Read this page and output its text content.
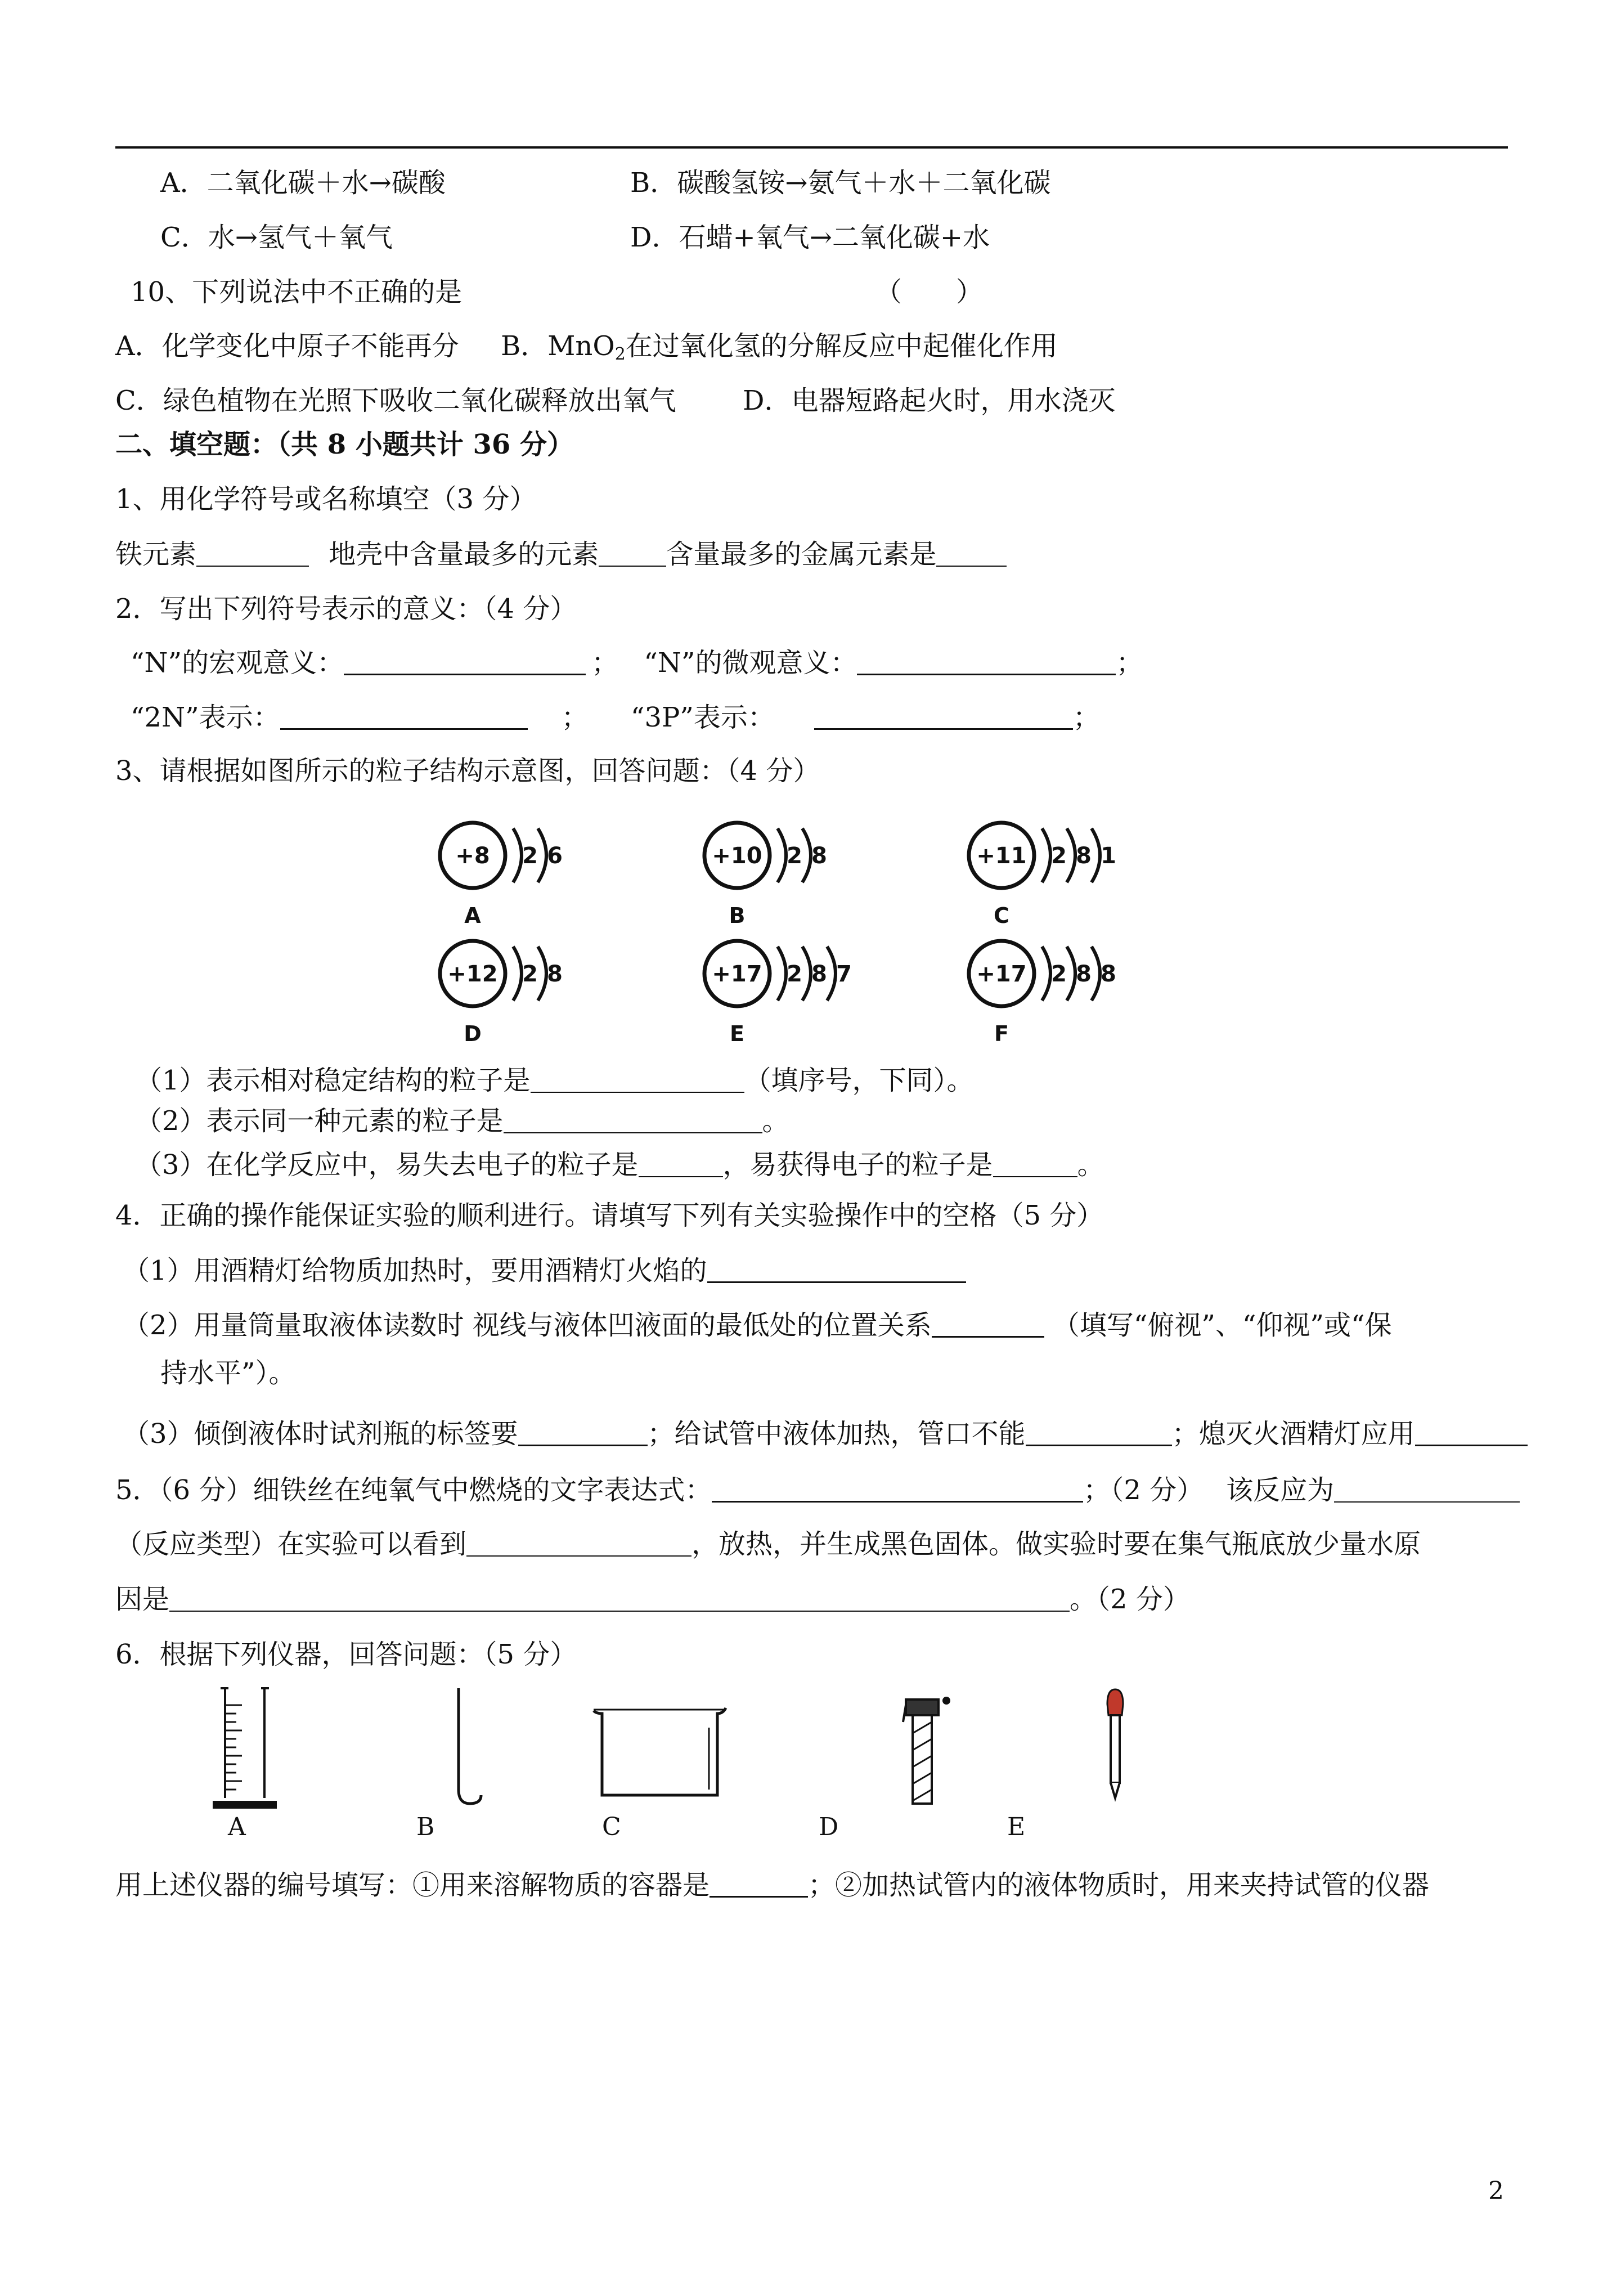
A．二氧化碳＋水→碳酸	B．碳酸氢铵→氨气＋水＋二氧化碳
C．水→氢气＋氧气	D．石蜡+氧气→二氧化碳+水
10、下列说法中不正确的是	（　　）
A．化学变化中原子不能再分 B．MnO$_2$在过氧化氢的分解反应中起催化作用
C．绿色植物在光照下吸收二氧化碳释放出氧气 D．电器短路起火时，用水浇灭
二、填空题：（共 8 小题共计 36 分）
1、用化学符号或名称填空（3 分）
铁元素	地壳中含量最多的元素	含量最多的金属元素是
2．写出下列符号表示的意义：（4 分）
“N”的宏观意义：	； “N”的微观意义：	；
“2N”表示：	； “3P”表示：	；
3、请根据如图所示的粒子结构示意图，回答问题：（4 分）
+8 2 6
A
+10 2 8
B
+11 2 8 1
C
+12 2 8
D
+17 2 8 7
E
+17 2 8 8
F
（1）表示相对稳定结构的粒子是	（填序号，下同）。
（2）表示同一种元素的粒子是	。
（3）在化学反应中，易失去电子的粒子是	，易获得电子的粒子是	。
4．正确的操作能保证实验的顺利进行。请填写下列有关实验操作中的空格（5 分）
（1）用酒精灯给物质加热时，要用酒精灯火焰的
（2）用量筒量取液体读数时 视线与液体凹液面的最低处的位置关系	（填写“俯视”、“仰视”或“保
持水平”）。
（3）倾倒液体时试剂瓶的标签要	；给试管中液体加热，管口不能	；熄灭火酒精灯应用
5．（6 分）细铁丝在纯氧气中燃烧的文字表达式：	；（2 分） 该反应为
（反应类型）在实验可以看到	，放热，并生成黑色固体。做实验时要在集气瓶底放少量水原
因是	。（2 分）
6．根据下列仪器，回答问题：（5 分）
A	B	C	D	E
用上述仪器的编号填写：①用来溶解物质的容器是	；②加热试管内的液体物质时，用来夹持试管的仪器
2
